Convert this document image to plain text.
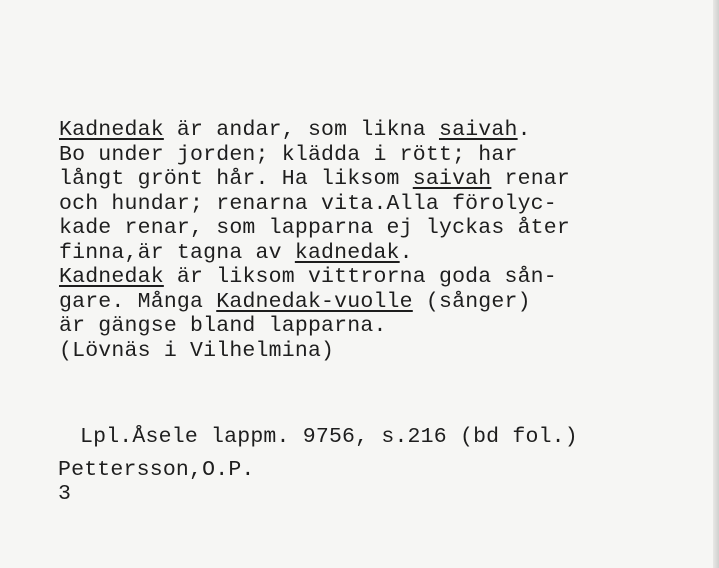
Kadnedak är andar, som likna saivah.
Bo under jorden; klädda i rött; har
långt grönt hår. Ha liksom saivah renar
och hundar; renarna vita.Alla förolyc-
kade renar, som lapparna ej lyckas åter
finna,är tagna av kadnedak.
Kadnedak är liksom vittrorna goda sån-
gare. Många Kadnedak-vuolle (sånger)
är gängse bland lapparna.
(Lövnäs i Vilhelmina)
Lpl.Åsele lappm. 9756, s.216 (bd fol.)
Pettersson,O.P.
3
